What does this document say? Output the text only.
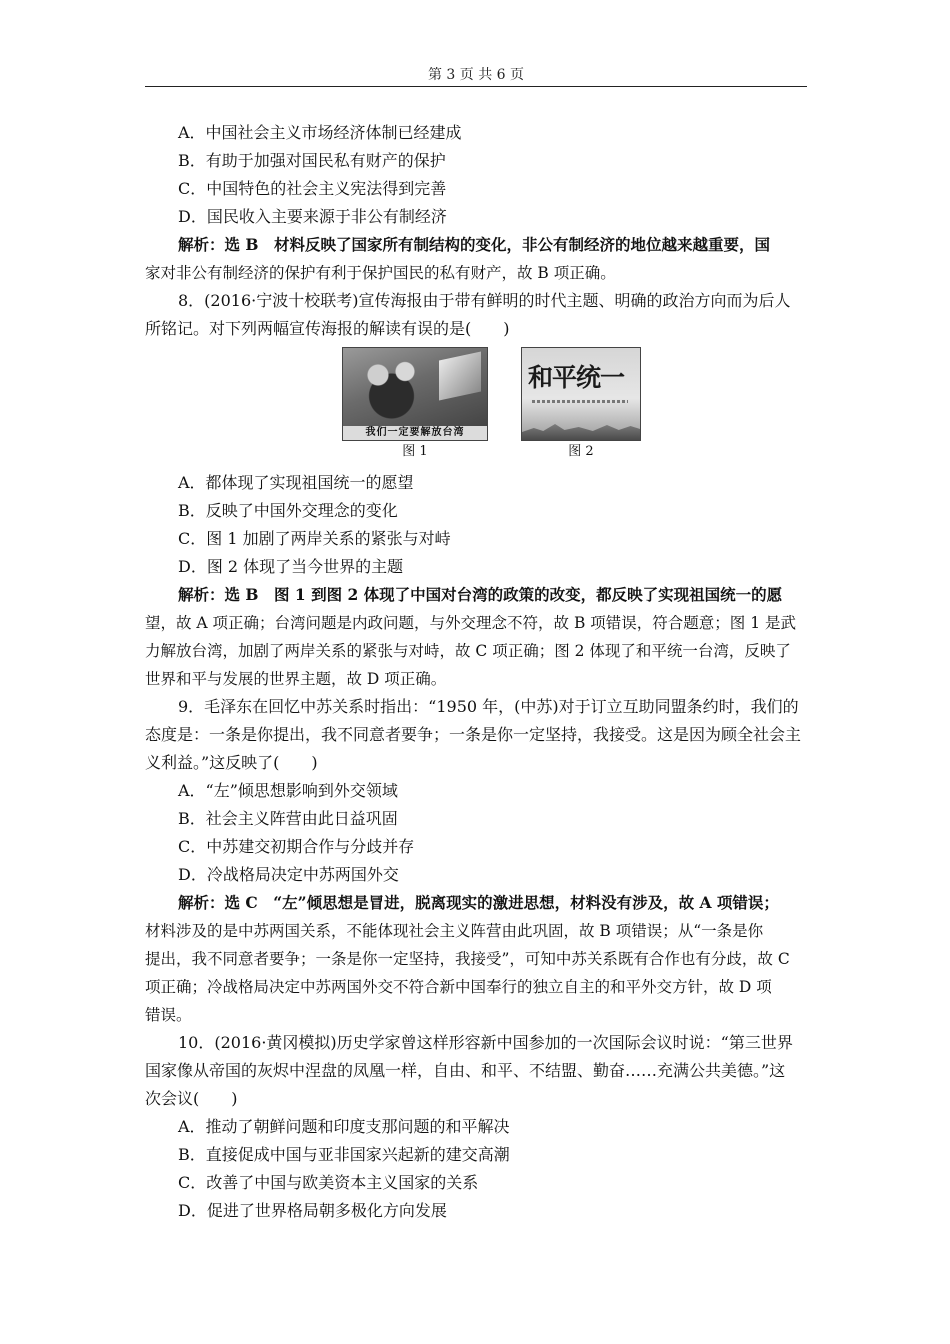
第 3 页 共 6 页
A．中国社会主义市场经济体制已经建成
B．有助于加强对国民私有财产的保护
C．中国特色的社会主义宪法得到完善
D．国民收入主要来源于非公有制经济
解析：选 B　材料反映了国家所有制结构的变化，非公有制经济的地位越来越重要，国
家对非公有制经济的保护有利于保护国民的私有财产，故 B 项正确。
8．(2016·宁波十校联考)宣传海报由于带有鲜明的时代主题、明确的政治方向而为后人
所铭记。对下列两幅宣传海报的解读有误的是(　　)
我们一定要解放台湾
图 1
和平统一
图 2
A．都体现了实现祖国统一的愿望
B．反映了中国外交理念的变化
C．图 1 加剧了两岸关系的紧张与对峙
D．图 2 体现了当今世界的主题
解析：选 B　图 1 到图 2 体现了中国对台湾的政策的改变，都反映了实现祖国统一的愿
望，故 A 项正确；台湾问题是内政问题，与外交理念不符，故 B 项错误，符合题意；图 1 是武
力解放台湾，加剧了两岸关系的紧张与对峙，故 C 项正确；图 2 体现了和平统一台湾，反映了
世界和平与发展的世界主题，故 D 项正确。
9．毛泽东在回忆中苏关系时指出：“1950 年，(中苏)对于订立互助同盟条约时，我们的
态度是：一条是你提出，我不同意者要争；一条是你一定坚持，我接受。这是因为顾全社会主
义利益。”这反映了(　　)
A．“左”倾思想影响到外交领域
B．社会主义阵营由此日益巩固
C．中苏建交初期合作与分歧并存
D．冷战格局决定中苏两国外交
解析：选 C　“左”倾思想是冒进，脱离现实的激进思想，材料没有涉及，故 A 项错误；
材料涉及的是中苏两国关系，不能体现社会主义阵营由此巩固，故 B 项错误；从“一条是你
提出，我不同意者要争；一条是你一定坚持，我接受”，可知中苏关系既有合作也有分歧，故 C
项正确；冷战格局决定中苏两国外交不符合新中国奉行的独立自主的和平外交方针，故 D 项
错误。
10．(2016·黄冈模拟)历史学家曾这样形容新中国参加的一次国际会议时说：“第三世界
国家像从帝国的灰烬中涅盘的凤凰一样，自由、和平、不结盟、勤奋……充满公共美德。”这
次会议(　　)
A．推动了朝鲜问题和印度支那问题的和平解决
B．直接促成中国与亚非国家兴起新的建交高潮
C．改善了中国与欧美资本主义国家的关系
D．促进了世界格局朝多极化方向发展
